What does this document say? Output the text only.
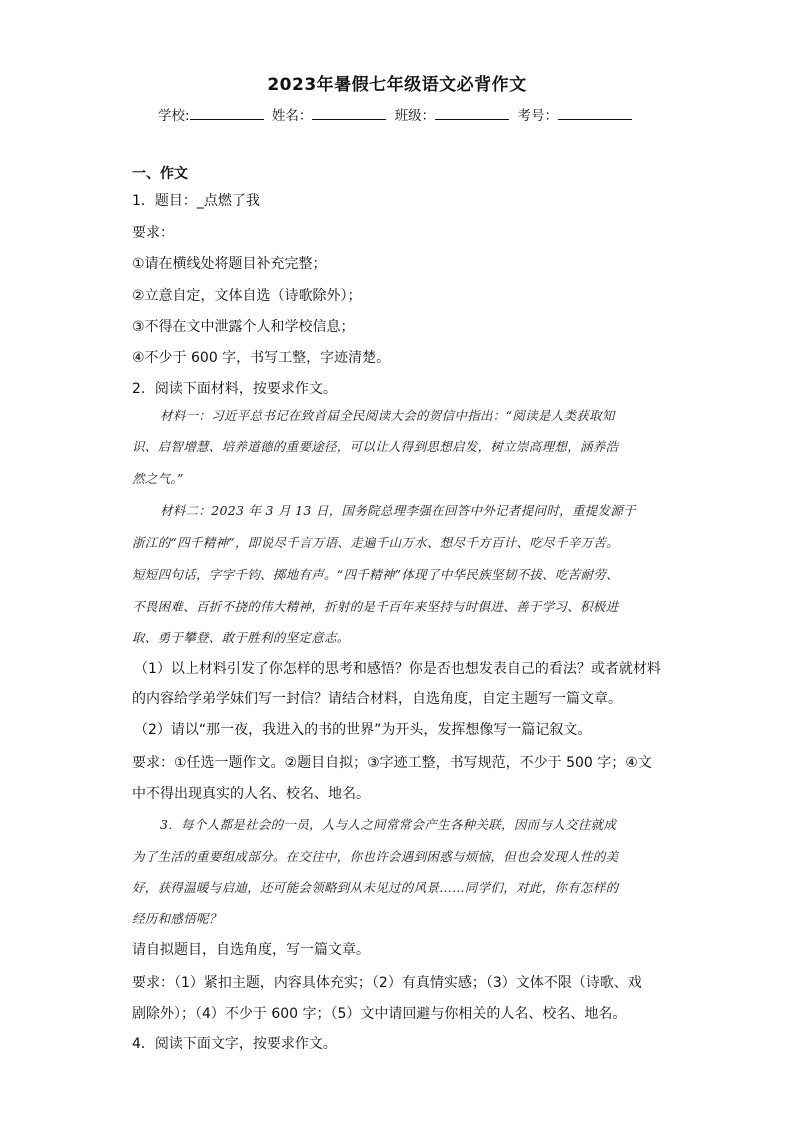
2023年暑假七年级语文必背作文
学校:	姓名：	班级：	考号：
一、作文
1．题目：_点燃了我
要求：
①请在横线处将题目补充完整；
②立意自定，文体自选（诗歌除外）；
③不得在文中泄露个人和学校信息；
④不少于 600 字，书写工整，字迹清楚。
2．阅读下面材料，按要求作文。
材料一：习近平总书记在致首届全民阅读大会的贺信中指出：“阅读是人类获取知
识、启智增慧、培养道德的重要途径，可以让人得到思想启发，树立崇高理想，涵养浩
然之气。”
材料二：2023 年 3 月 13 日，国务院总理李强在回答中外记者提问时，重提发源于
浙江的“四千精神”，即说尽千言万语、走遍千山万水、想尽千方百计、吃尽千辛万苦。
短短四句话，字字千钧、掷地有声。“四千精神”体现了中华民族坚韧不拔、吃苦耐劳、
不畏困难、百折不挠的伟大精神，折射的是千百年来坚持与时俱进、善于学习、积极进
取、勇于攀登、敢于胜利的坚定意志。
（1）以上材料引发了你怎样的思考和感悟？你是否也想发表自己的看法？或者就材料
的内容给学弟学妹们写一封信？请结合材料，自选角度，自定主题写一篇文章。
（2）请以“那一夜，我进入的书的世界”为开头，发挥想像写一篇记叙文。
要求：①任选一题作文。②题目自拟；③字迹工整，书写规范，不少于 500 字；④文
中不得出现真实的人名、校名、地名。
3．每个人都是社会的一员，人与人之间常常会产生各种关联，因而与人交往就成
为了生活的重要组成部分。在交往中，你也许会遇到困惑与烦恼，但也会发现人性的美
好，获得温暖与启迪，还可能会领略到从未见过的风景……同学们，对此，你有怎样的
经历和感悟呢？
请自拟题目，自选角度，写一篇文章。
要求：（1）紧扣主题，内容具体充实；（2）有真情实感；（3）文体不限（诗歌、戏
剧除外）；（4）不少于 600 字；（5）文中请回避与你相关的人名、校名、地名。
4．阅读下面文字，按要求作文。
